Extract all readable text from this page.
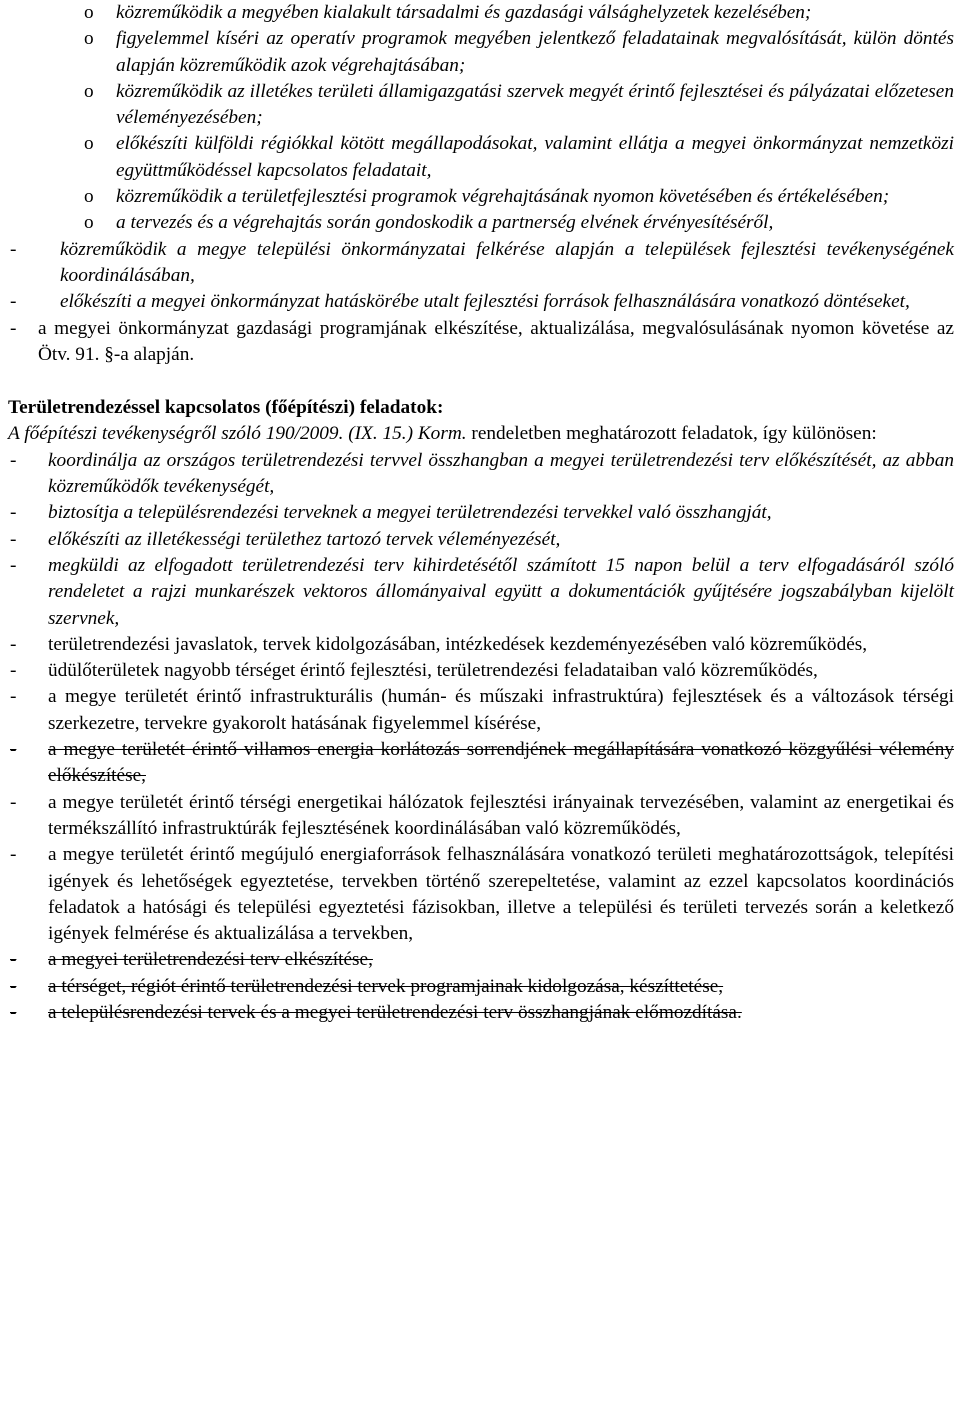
o közreműködik a megyében kialakult társadalmi és gazdasági válsághelyzetek kezelésében;
o figyelemmel kíséri az operatív programok megyében jelentkező feladatainak megvalósítását, külön döntés alapján közreműködik azok végrehajtásában;
o közreműködik az illetékes területi államigazgatási szervek megyét érintő fejlesztései és pályázatai előzetesen véleményezésében;
o előkészíti külföldi régiókkal kötött megállapodásokat, valamint ellátja a megyei önkormányzat nemzetközi együttműködéssel kapcsolatos feladatait,
o közreműködik a területfejlesztési programok végrehajtásának nyomon követésében és értékelésében;
o a tervezés és a végrehajtás során gondoskodik a partnerség elvének érvényesítéséről,
- közreműködik a megye települési önkormányzatai felkérése alapján a települések fejlesztési tevékenységének koordinálásában,
- előkészíti a megyei önkormányzat hatáskörébe utalt fejlesztési források felhasználására vonatkozó döntéseket,
- a megyei önkormányzat gazdasági programjának elkészítése, aktualizálása, megvalósulásának nyomon követése az Ötv. 91. §-a alapján.
Területrendezéssel kapcsolatos (főépítészi) feladatok:
A főépítészi tevékenységről szóló 190/2009. (IX. 15.) Korm. rendeletben meghatározott feladatok, így különösen:
- koordinálja az országos területrendezési tervvel összhangban a megyei területrendezési terv előkészítését, az abban közreműködők tevékenységét,
- biztosítja a településrendezési terveknek a megyei területrendezési tervekkel való összhangját,
- előkészíti az illetékességi területhez tartozó tervek véleményezését,
- megküldi az elfogadott területrendezési terv kihirdetésétől számított 15 napon belül a terv elfogadásáról szóló rendeletet a rajzi munkarészek vektoros állományaival együtt a dokumentációk gyűjtésére jogszabályban kijelölt szervnek,
- területrendezési javaslatok, tervek kidolgozásában, intézkedések kezdeményezésében való közreműködés,
- üdülőterületek nagyobb térséget érintő fejlesztési, területrendezési feladataiban való közreműködés,
- a megye területét érintő infrastrukturális (humán- és műszaki infrastruktúra) fejlesztések és a változások térségi szerkezetre, tervekre gyakorolt hatásának figyelemmel kísérése,
- a megye területét érintő villamos energia korlátozás sorrendjének megállapítására vonatkozó közgyűlési vélemény előkészítése,
- a megye területét érintő térségi energetikai hálózatok fejlesztési irányainak tervezésében, valamint az energetikai és termékszállító infrastruktúrák fejlesztésének koordinálásában való közreműködés,
- a megye területét érintő megújuló energiaforrások felhasználására vonatkozó területi meghatározottságok, telepítési igények és lehetőségek egyeztetése, tervekben történő szerepeltetése, valamint az ezzel kapcsolatos koordinációs feladatok a hatósági és települési egyeztetési fázisokban, illetve a települési és területi tervezés során a keletkező igények felmérése és aktualizálása a tervekben,
- a megyei területrendezési terv elkészítése,
- a térséget, régiót érintő területrendezési tervek programjainak kidolgozása, készíttetése,
- a településrendezési tervek és a megyei területrendezési terv összhangjának előmozdítása.
